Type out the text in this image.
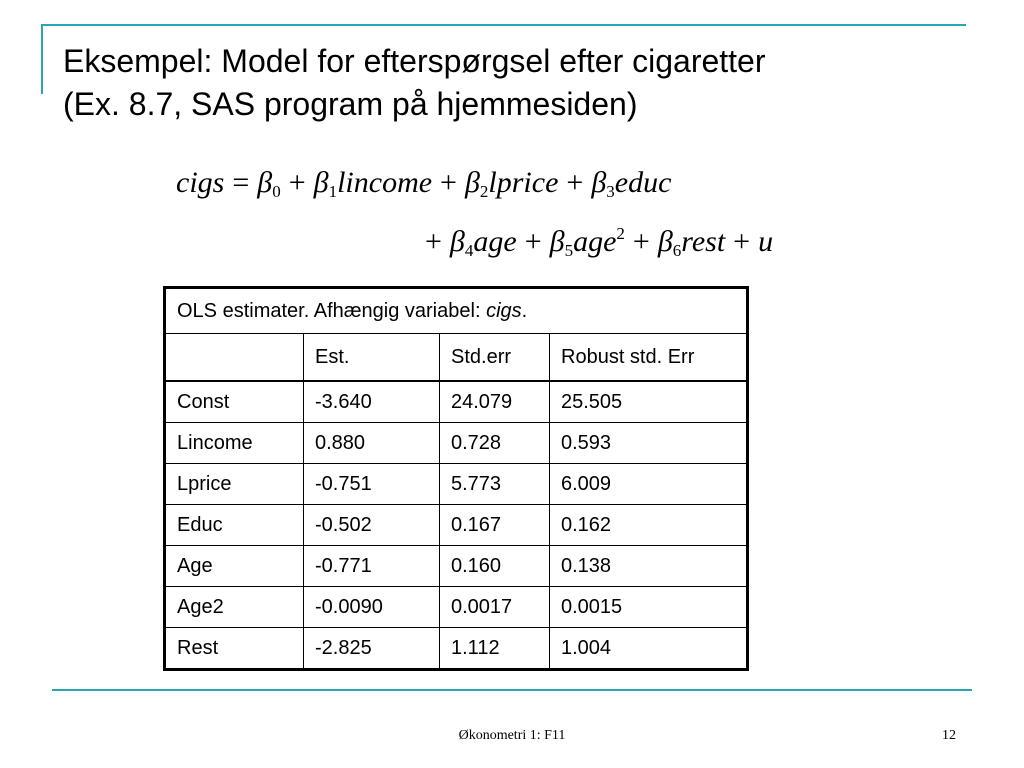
Eksempel: Model for efterspørgsel efter cigaretter
(Ex. 8.7, SAS program på hjemmesiden)
cigs = $\beta_0$ + $\beta_1lincome$ + $\beta_2lprice$ + $\beta_3educ$
+ $\beta_4age + \beta_5age^2$ + $\beta_6rest + u$
OLS estimater. Afhængig variabel: cigs.			
	Est.	Std.err	Robust std. Err
Const	-3.640	24.079	25.505
Lincome	0.880	0.728	0.593
Lprice	-0.751	5.773	6.009
Educ	-0.502	0.167	0.162
Age	-0.771	0.160	0.138
Age2	-0.0090	0.0017	0.0015
Rest	-2.825	1.112	1.004
Økonometri 1: F11	12
